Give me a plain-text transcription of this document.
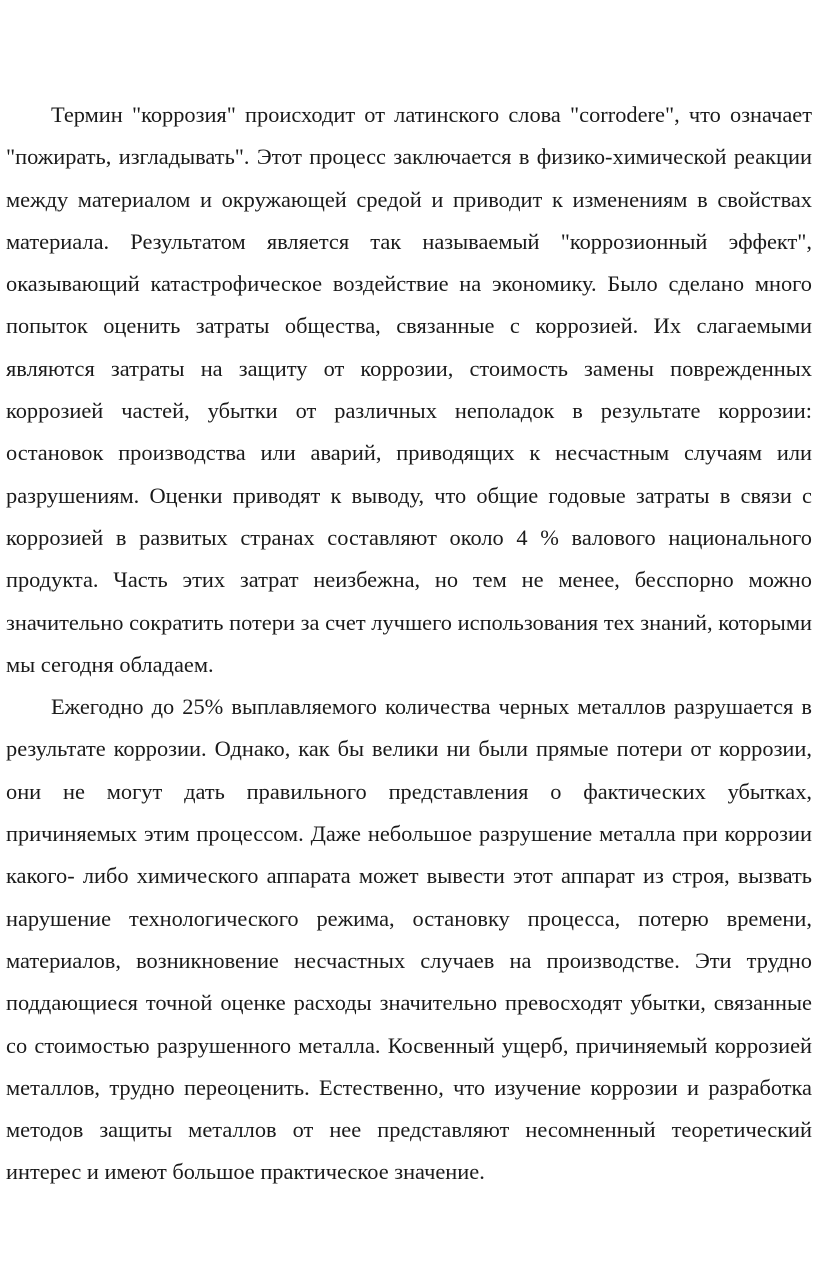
Термин "коррозия" происходит от латинского слова "corrodere", что означает "пожирать, изгладывать". Этот процесс заключается в физико-химической реакции между материалом и окружающей средой и приводит к изменениям в свойствах материала. Результатом является так называемый "коррозионный эффект", оказывающий катастрофическое воздействие на экономику. Было сделано много попыток оценить затраты общества, связанные с коррозией. Их слагаемыми являются затраты на защиту от коррозии, стоимость замены поврежденных коррозией частей, убытки от различных неполадок в результате коррозии: остановок производства или аварий, приводящих к несчастным случаям или разрушениям. Оценки приводят к выводу, что общие годовые затраты в связи с коррозией в развитых странах составляют около 4 % валового национального продукта. Часть этих затрат неизбежна, но тем не менее, бесспорно можно значительно сократить потери за счет лучшего использования тех знаний, которыми мы сегодня обладаем.

Ежегодно до 25% выплавляемого количества черных металлов разрушается в результате коррозии. Однако, как бы велики ни были прямые потери от коррозии, они не могут дать правильного представления о фактических убытках, причиняемых этим процессом. Даже небольшое разрушение металла при коррозии какого- либо химического аппарата может вывести этот аппарат из строя, вызвать нарушение технологического режима, остановку процесса, потерю времени, материалов, возникновение несчастных случаев на производстве. Эти трудно поддающиеся точной оценке расходы значительно превосходят убытки, связанные со стоимостью разрушенного металла. Косвенный ущерб, причиняемый коррозией металлов, трудно переоценить. Естественно, что изучение коррозии и разработка методов защиты металлов от нее представляют несомненный теоретический интерес и имеют большое практическое значение.
